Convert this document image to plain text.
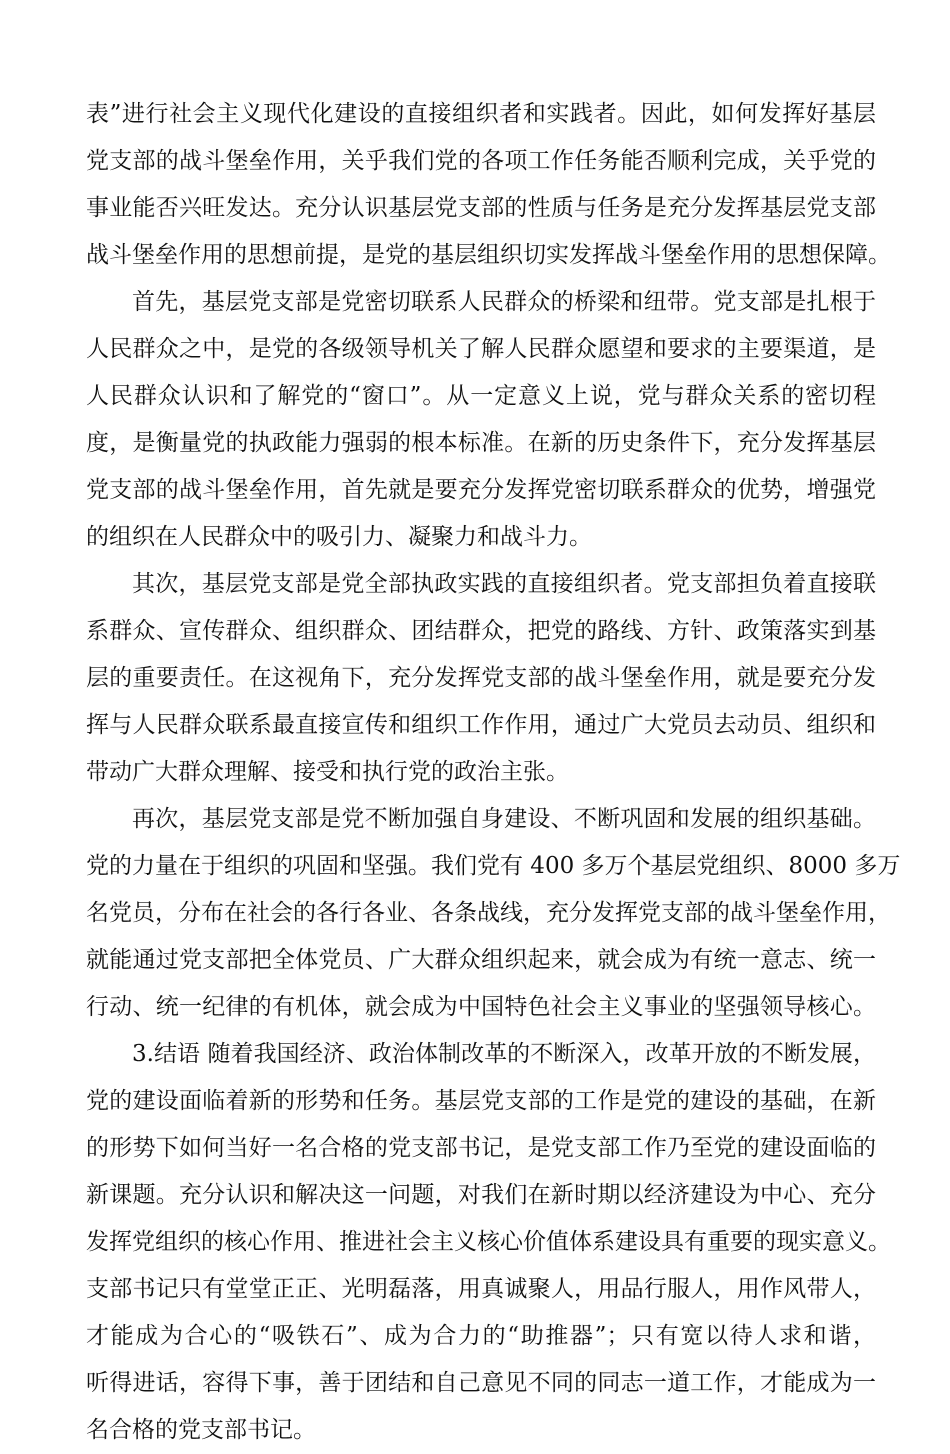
表”进行社会主义现代化建设的直接组织者和实践者。因此，如何发挥好基层
党支部的战斗堡垒作用，关乎我们党的各项工作任务能否顺利完成，关乎党的
事业能否兴旺发达。充分认识基层党支部的性质与任务是充分发挥基层党支部
战斗堡垒作用的思想前提，是党的基层组织切实发挥战斗堡垒作用的思想保障。
首先，基层党支部是党密切联系人民群众的桥梁和纽带。党支部是扎根于
人民群众之中，是党的各级领导机关了解人民群众愿望和要求的主要渠道，是
人民群众认识和了解党的“窗口”。从一定意义上说，党与群众关系的密切程
度，是衡量党的执政能力强弱的根本标准。在新的历史条件下，充分发挥基层
党支部的战斗堡垒作用，首先就是要充分发挥党密切联系群众的优势，增强党
的组织在人民群众中的吸引力、凝聚力和战斗力。
其次，基层党支部是党全部执政实践的直接组织者。党支部担负着直接联
系群众、宣传群众、组织群众、团结群众，把党的路线、方针、政策落实到基
层的重要责任。在这视角下，充分发挥党支部的战斗堡垒作用，就是要充分发
挥与人民群众联系最直接宣传和组织工作作用，通过广大党员去动员、组织和
带动广大群众理解、接受和执行党的政治主张。
再次，基层党支部是党不断加强自身建设、不断巩固和发展的组织基础。
党的力量在于组织的巩固和坚强。我们党有 400 多万个基层党组织、8000 多万
名党员，分布在社会的各行各业、各条战线，充分发挥党支部的战斗堡垒作用，
就能通过党支部把全体党员、广大群众组织起来，就会成为有统一意志、统一
行动、统一纪律的有机体，就会成为中国特色社会主义事业的坚强领导核心。
3.结语 随着我国经济、政治体制改革的不断深入，改革开放的不断发展，
党的建设面临着新的形势和任务。基层党支部的工作是党的建设的基础，在新
的形势下如何当好一名合格的党支部书记，是党支部工作乃至党的建设面临的
新课题。充分认识和解决这一问题，对我们在新时期以经济建设为中心、充分
发挥党组织的核心作用、推进社会主义核心价值体系建设具有重要的现实意义。
支部书记只有堂堂正正、光明磊落，用真诚聚人，用品行服人，用作风带人，
才能成为合心的“吸铁石”、成为合力的“助推器”；只有宽以待人求和谐，
听得进话，容得下事，善于团结和自己意见不同的同志一道工作，才能成为一
名合格的党支部书记。
